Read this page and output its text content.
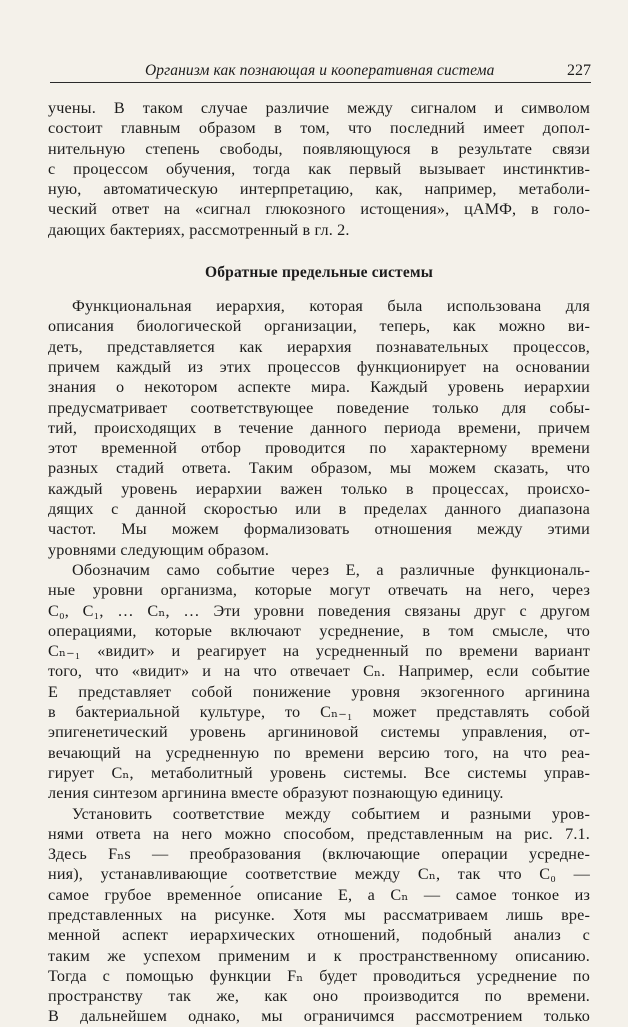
Организм как познающая и кооперативная система	227
учены. В таком случае различие между сигналом и символом
состоит главным образом в том, что последний имеет допол-
нительную степень свободы, появляющуюся в результате связи
с процессом обучения, тогда как первый вызывает инстинктив-
ную, автоматическую интерпретацию, как, например, метаболи-
ческий ответ на «сигнал глюкозного истощения», цАМФ, в голо-
дающих бактериях, рассмотренный в гл. 2.
Обратные предельные системы
Функциональная иерархия, которая была использована для
описания биологической организации, теперь, как можно ви-
деть, представляется как иерархия познавательных процессов,
причем каждый из этих процессов функционирует на основании
знания о некотором аспекте мира. Каждый уровень иерархии
предусматривает соответствующее поведение только для собы-
тий, происходящих в течение данного периода времени, причем
этот временной отбор проводится по характерному времени
разных стадий ответа. Таким образом, мы можем сказать, что
каждый уровень иерархии важен только в процессах, происхо-
дящих с данной скоростью или в пределах данного диапазона
частот. Мы можем формализовать отношения между этими
уровнями следующим образом.
Обозначим само событие через E, а различные функциональ-
ные уровни организма, которые могут отвечать на него, через
C₀, C₁, … Cₙ, … Эти уровни поведения связаны друг с другом
операциями, которые включают усреднение, в том смысле, что
Cₙ₋₁ «видит» и реагирует на усредненный по времени вариант
того, что «видит» и на что отвечает Cₙ. Например, если событие
E представляет собой понижение уровня экзогенного аргинина
в бактериальной культуре, то Cₙ₋₁ может представлять собой
эпигенетический уровень аргининовой системы управления, от-
вечающий на усредненную по времени версию того, на что реа-
гирует Cₙ, метаболитный уровень системы. Все системы управ-
ления синтезом аргинина вместе образуют познающую единицу.
Установить соответствие между событием и разными уров-
нями ответа на него можно способом, представленным на рис. 7.1.
Здесь Fₙs — преобразования (включающие операции усредне-
ния), устанавливающие соответствие между Cₙ, так что C₀ —
самое грубое временно́е описание E, а Cₙ — самое тонкое из
представленных на рисунке. Хотя мы рассматриваем лишь вре-
менной аспект иерархических отношений, подобный анализ с
таким же успехом применим и к пространственному описанию.
Тогда с помощью функции Fₙ будет проводиться усреднение по
пространству так же, как оно производится по времени.
В дальнейшем однако, мы ограничимся рассмотрением только
